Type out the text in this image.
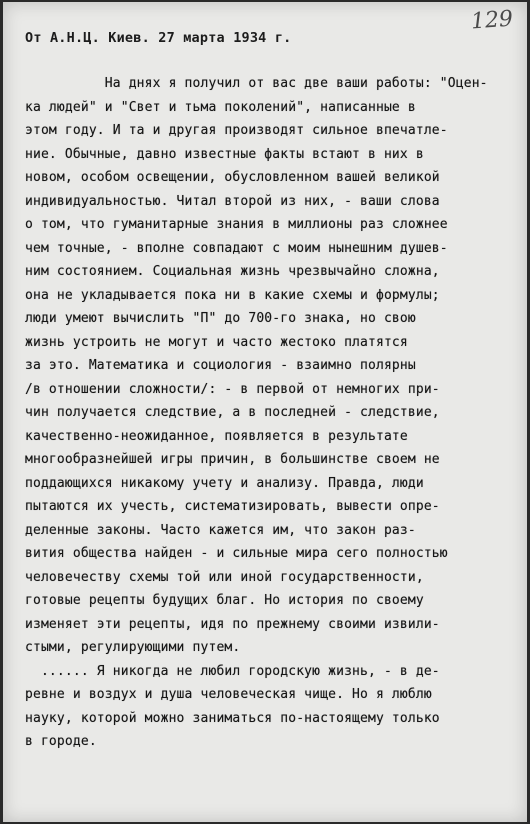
129
От А.Н.Ц. Киев. 27 марта 1934 г.
На днях я получил от вас две ваши работы: "Оцен-
ка людей" и "Свет и тьма поколений", написанные в
этом году. И та и другая производят сильное впечатле-
ние. Обычные, давно известные факты встают в них в
новом, особом освещении, обусловленном вашей великой
индивидуальностью. Читал второй из них, - ваши слова
о том, что гуманитарные знания в миллионы раз сложнее
чем точные, - вполне совпадают с моим нынешним душев-
ним состоянием. Социальная жизнь чрезвычайно сложна,
она не укладывается пока ни в какие схемы и формулы;
люди умеют вычислить "П" до 700-го знака, но свою
жизнь устроить не могут и часто жестоко платятся
за это. Математика и социология - взаимно полярны
/в отношении сложности/: - в первой от немногих при-
чин получается следствие, а в последней - следствие,
качественно-неожиданное, появляется в результате
многообразнейшей игры причин, в большинстве своем не
поддающихся никакому учету и анализу. Правда, люди
пытаются их учесть, систематизировать, вывести опре-
деленные законы. Часто кажется им, что закон раз-
вития общества найден - и сильные мира сего полностью
человечеству схемы той или иной государственности,
готовые рецепты будущих благ. Но история по своему
изменяет эти рецепты, идя по прежнему своими извили-
стыми, регулирующими путем.
...... Я никогда не любил городскую жизнь, - в де-
ревне и воздух и душа человеческая чище. Но я люблю
науку, которой можно заниматься по-настоящему только
в городе.
